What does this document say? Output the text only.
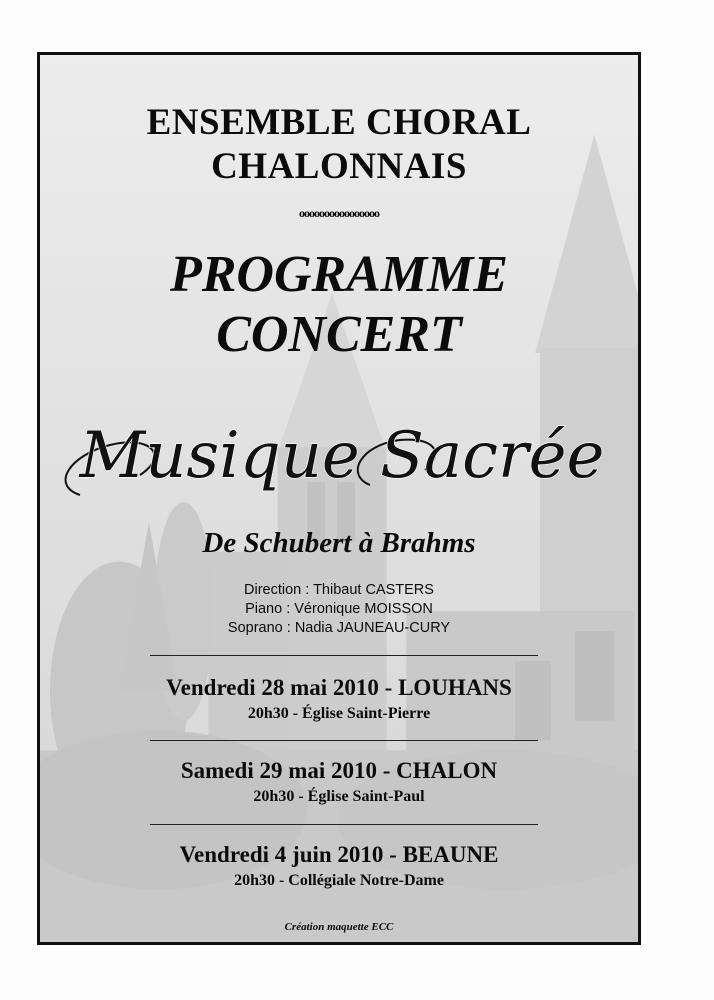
ENSEMBLE CHORAL
CHALONNAIS
oooooooooooooooo
PROGRAMME
CONCERT
Musique Sacrée
De Schubert à Brahms
Direction : Thibaut CASTERS
Piano : Véronique MOISSON
Soprano : Nadia JAUNEAU-CURY
Vendredi 28 mai 2010 - LOUHANS
20h30 - Église Saint-Pierre
Samedi 29 mai 2010 - CHALON
20h30 - Église Saint-Paul
Vendredi 4 juin 2010 - BEAUNE
20h30 - Collégiale Notre-Dame
Création maquette ECC
